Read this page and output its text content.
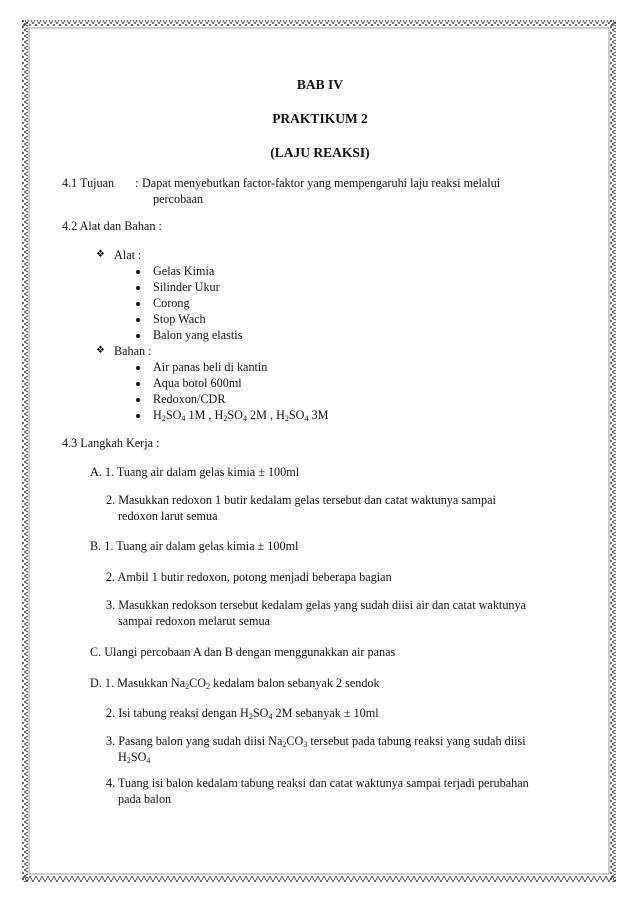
BAB IV
PRAKTIKUM 2
(LAJU REAKSI)
4.1 Tujuan : Dapat menyebutkan factor-faktor yang mempengaruhi laju reaksi melalui
percobaan
4.2 Alat dan Bahan :
❖ Alat :
Gelas Kimia
Silinder Ukur
Corong
Stop Wach
Balon yang elastis
❖ Bahan :
Air panas beli di kantin
Aqua botol 600ml
Redoxon/CDR
$H_2SO_4$ 1M , $H_2SO_4$ 2M , $H_2SO_4$ 3M
4.3 Langkah Kerja :
A. 1. Tuang air dalam gelas kimia ± 100ml
2. Masukkan redoxon 1 butir kedalam gelas tersebut dan catat waktunya sampai
redoxon larut semua
B. 1. Tuang air dalam gelas kimia ± 100ml
2. Ambil 1 butir redoxon, potong menjadi beberapa bagian
3. Masukkan redokson tersebut kedalam gelas yang sudah diisi air dan catat waktunya
sampai redoxon melarut semua
C. Ulangi percobaan A dan B dengan menggunakkan air panas
D. 1. Masukkan $Na_2CO_2$ kedalam balon sebanyak 2 sendok
2. Isi tabung reaksi dengan $H_2SO_4$ 2M sebanyak ± 10ml
3. Pasang balon yang sudah diisi $Na_2CO_3$ tersebut pada tabung reaksi yang sudah diisi
$H_2SO_4$
4. Tuang isi balon kedalam tabung reaksi dan catat waktunya sampai terjadi perubahan
pada balon
